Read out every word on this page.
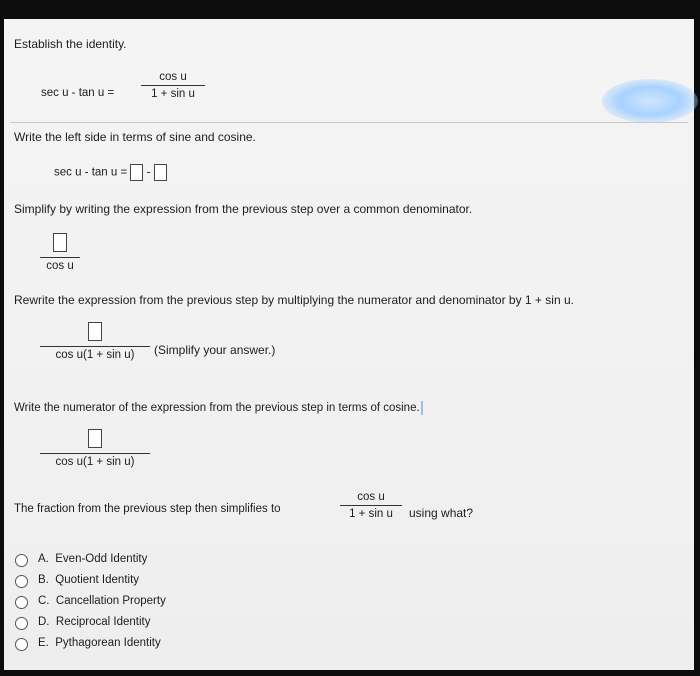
Establish the identity.
sec u - tan u =
cos u
1 + sin u
Write the left side in terms of sine and cosine.
sec u - tan u = -
Simplify by writing the expression from the previous step over a common denominator.
cos u
Rewrite the expression from the previous step by multiplying the numerator and denominator by 1 + sin u.
cos u(1 + sin u)	(Simplify your answer.)
Write the numerator of the expression from the previous step in terms of cosine.
cos u(1 + sin u)
The fraction from the previous step then simplifies to
cos u
1 + sin u	using what?
A. Even-Odd Identity
B. Quotient Identity
C. Cancellation Property
D. Reciprocal Identity
E. Pythagorean Identity
